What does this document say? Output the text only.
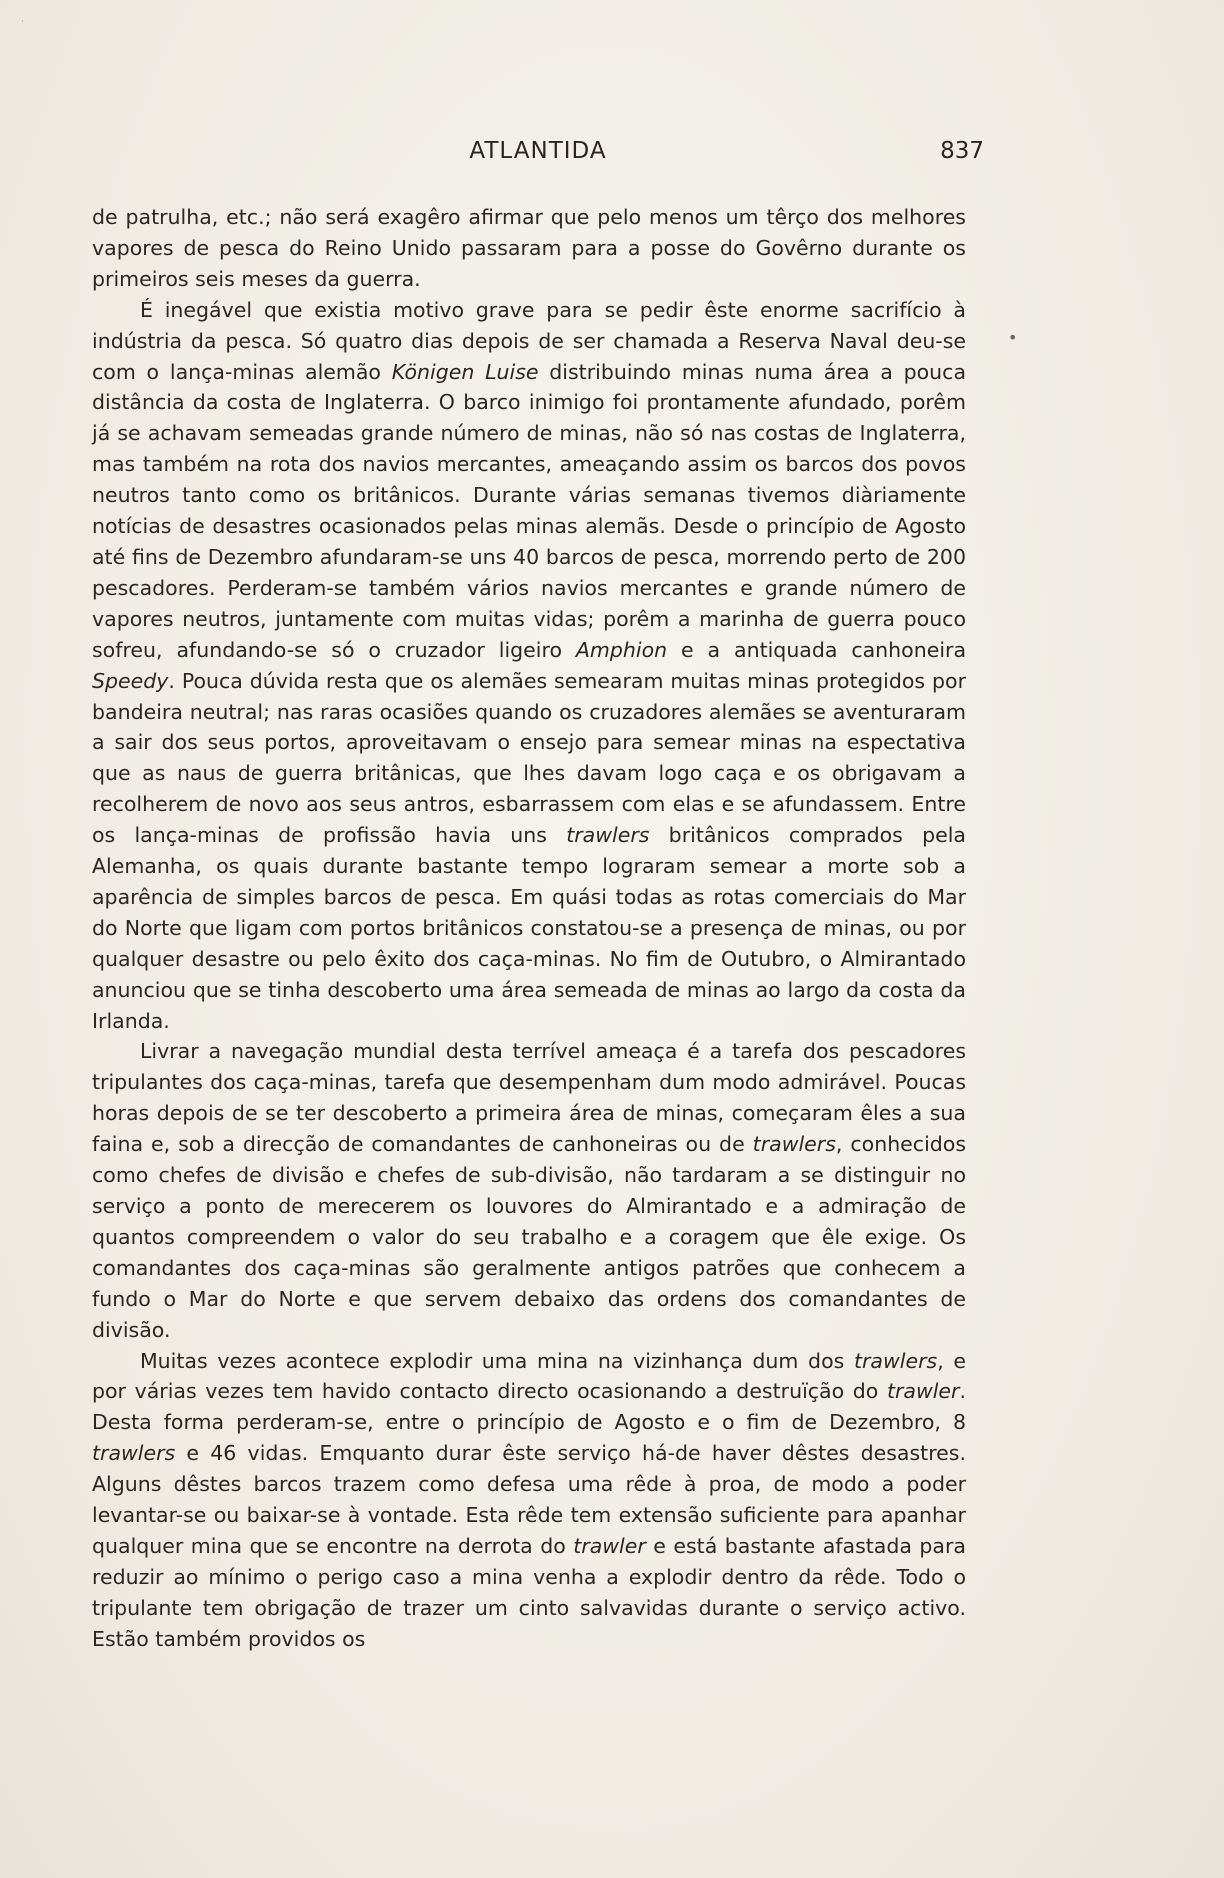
ATLANTIDA	837

de patrulha, etc.; não será exagêro afirmar que pelo menos um têrço dos melhores vapores de pesca do Reino Unido passaram para a posse do Govêrno durante os primeiros seis meses da guerra.

É inegável que existia motivo grave para se pedir êste enorme sacrifício à indústria da pesca. Só quatro dias depois de ser chamada a Reserva Naval deu-se com o lança-minas alemão Königen Luise distribuindo minas numa área a pouca distância da costa de Inglaterra. O barco inimigo foi prontamente afundado, porêm já se achavam semeadas grande número de minas, não só nas costas de Inglaterra, mas também na rota dos navios mercantes, ameaçando assim os barcos dos povos neutros tanto como os britânicos. Durante várias semanas tivemos diàriamente notícias de desastres ocasionados pelas minas alemãs. Desde o princípio de Agosto até fins de Dezembro afundaram-se uns 40 barcos de pesca, morrendo perto de 200 pescadores. Perderam-se também vários navios mercantes e grande número de vapores neutros, juntamente com muitas vidas; porêm a marinha de guerra pouco sofreu, afundando-se só o cruzador ligeiro Amphion e a antiquada canhoneira Speedy. Pouca dúvida resta que os alemães semearam muitas minas protegidos por bandeira neutral; nas raras ocasiões quando os cruzadores alemães se aventuraram a sair dos seus portos, aproveitavam o ensejo para semear minas na espectativa que as naus de guerra britânicas, que lhes davam logo caça e os obrigavam a recolherem de novo aos seus antros, esbarrassem com elas e se afundassem. Entre os lança-minas de profissão havia uns trawlers britânicos comprados pela Alemanha, os quais durante bastante tempo lograram semear a morte sob a aparência de simples barcos de pesca. Em quási todas as rotas comerciais do Mar do Norte que ligam com portos britânicos constatou-se a presença de minas, ou por qualquer desastre ou pelo êxito dos caça-minas. No fim de Outubro, o Almirantado anunciou que se tinha descoberto uma área semeada de minas ao largo da costa da Irlanda.

Livrar a navegação mundial desta terrível ameaça é a tarefa dos pescadores tripulantes dos caça-minas, tarefa que desempenham dum modo admirável. Poucas horas depois de se ter descoberto a primeira área de minas, começaram êles a sua faina e, sob a direcção de comandantes de canhoneiras ou de trawlers, conhecidos como chefes de divisão e chefes de sub-divisão, não tardaram a se distinguir no serviço a ponto de merecerem os louvores do Almirantado e a admiração de quantos compreendem o valor do seu trabalho e a coragem que êle exige. Os comandantes dos caça-minas são geralmente antigos patrões que conhecem a fundo o Mar do Norte e que servem debaixo das ordens dos comandantes de divisão.

Muitas vezes acontece explodir uma mina na vizinhança dum dos trawlers, e por várias vezes tem havido contacto directo ocasionando a destruïção do trawler. Desta forma perderam-se, entre o princípio de Agosto e o fim de Dezembro, 8 trawlers e 46 vidas. Emquanto durar êste serviço há-de haver dêstes desastres. Alguns dêstes barcos trazem como defesa uma rêde à proa, de modo a poder levantar-se ou baixar-se à vontade. Esta rêde tem extensão suficiente para apanhar qualquer mina que se encontre na derrota do trawler e está bastante afastada para reduzir ao mínimo o perigo caso a mina venha a explodir dentro da rêde. Todo o tripulante tem obrigação de trazer um cinto salvavidas durante o serviço activo. Estão também providos os

•
˙
